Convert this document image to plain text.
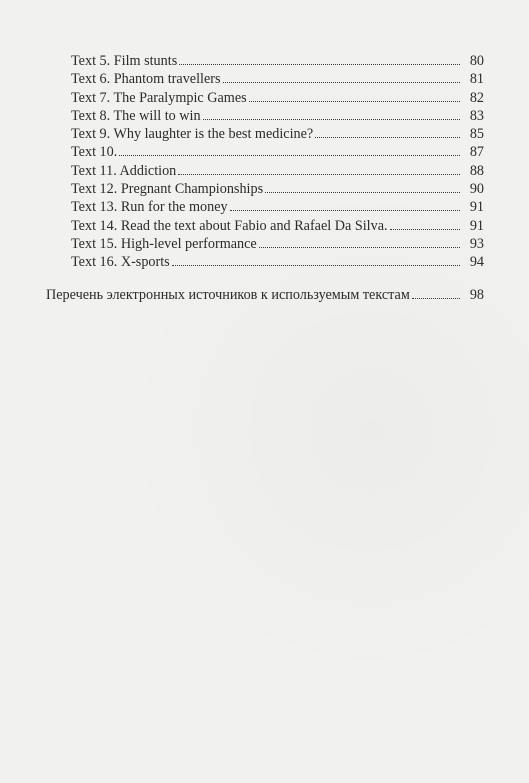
Text 5. Film stunts	80
Text 6. Phantom travellers	81
Text 7. The Paralympic Games	82
Text 8. The will to win	83
Text 9. Why laughter is the best medicine?	85
Text 10.	87
Text 11. Addiction	88
Text 12. Pregnant Championships	90
Text 13. Run for the money	91
Text 14. Read the text about Fabio and Rafael Da Silva.	91
Text 15. High-level performance	93
Text 16. X-sports	94
Перечень электронных источников к используемым текстам	98
